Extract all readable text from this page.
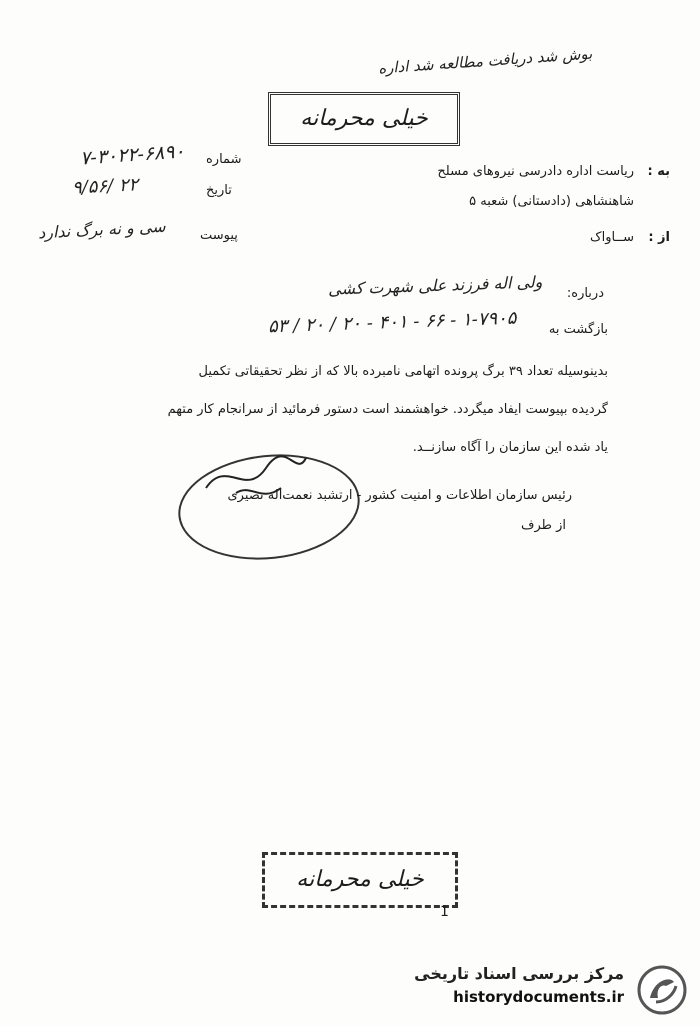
بوش شد دریافت مطالعه شد اداره
خیلی محرمانه
شماره
۷-۳۰۲۲-۶۸۹۰
تاریخ
۲۲ /۹/۵۶
پیوست
سی و نه برگ ندارد
به :
ریاست اداره دادرسی نیروهای مسلح
شاهنشاهی (دادستانی) شعبه ۵
از :
ســاواک
درباره:
ولی اله فرزند علی شهرت کشی
بازگشت به
۱-۷۹۰۵ - ۶۶ - ۴۰۱ - ۲۰ / ۲۰ / ۵۳
بدینوسیله تعداد ۳۹ برگ پرونده اتهامی نامبرده بالا که از نظر تحقیقاتی تکمیل
گردیده بپیوست ایفاد میگردد. خواهشمند است دستور فرمائید از سرانجام کار متهم
یاد شده این سازمان را آگاه سازنــد.
رئیس سازمان اطلاعات و امنیت کشور - ارتشبد نعمت‌اله نصیری
از طرف
خیلی محرمانه
1
مرکز بررسی اسناد تاریخی
historydocuments.ir
